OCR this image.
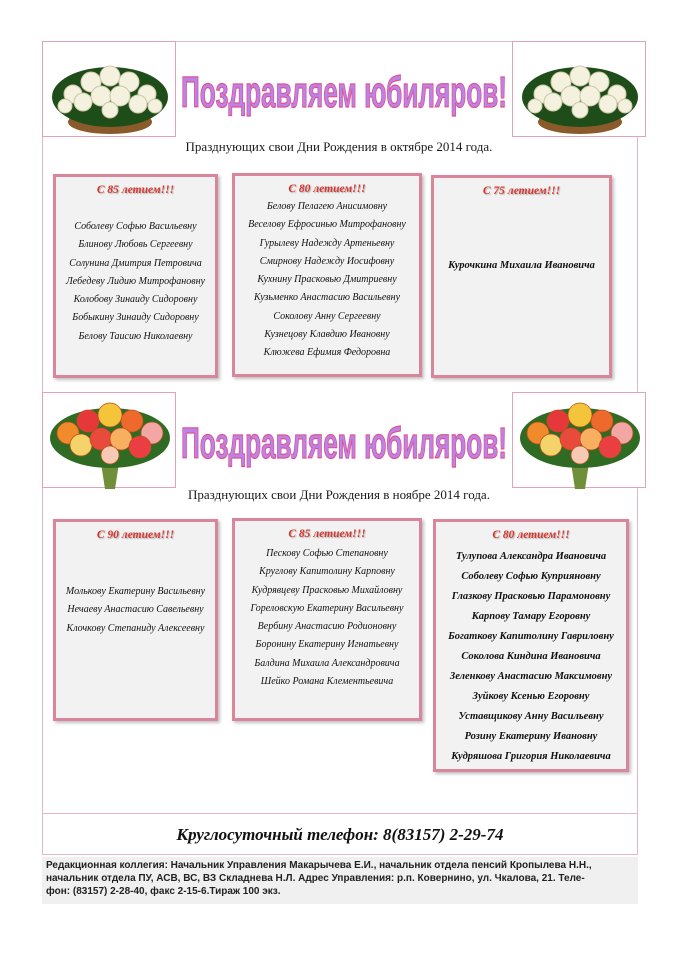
Поздравляем юбиляров!
Празднующих свои Дни Рождения в октябре 2014 года.
С 85 летием!!!
Соболеву Софью Васильевну
Блинову Любовь Сергеевну
Солунина Дмитрия Петровича
Лебедеву Лидию Митрофановну
Колобову Зинаиду Сидоровну
Бобыкину Зинаиду Сидоровну
Белову Таисию Николаевну
С 80 летием!!!
Белову Пелагею Анисимовну
Веселову Ефросинью Митрофановну
Гурылеву Надежду Артеньевну
Смирнову Надежду Иосифовну
Кухнину Прасковью Дмитриевну
Кузьменко Анастасию Васильевну
Соколову Анну Сергеевну
Кузнецову Клавдию Ивановну
Клюжева Ефимия Федоровна
С 75 летием!!!
Курочкина Михаила Ивановича
Поздравляем юбиляров!
Празднующих свои Дни Рождения в ноябре 2014 года.
С 90 летием!!!
Молькову Екатерину Васильевну
Нечаеву Анастасию Савельевну
Клочкову Степаниду Алексеевну
С 85 летием!!!
Пескову Софью Степановну
Круглову Капитолину Карповну
Кудрявцеву Прасковью Михайловну
Гореловскую Екатерину Васильевну
Вербину Анастасию Родионовну
Боронину Екатерину Игнатьевну
Балдина Михаила Александровича
Шейко Романа Клементьевича
С 80 летием!!!
Тулупова Александра Ивановича
Соболеву Софью Куприяновну
Глазкову Прасковью Парамоновну
Карпову Тамару Егоровну
Богаткову Капитолину Гавриловну
Соколова Киндина Ивановича
Зеленкову Анастасию Максимовну
Зуйкову Ксенью Егоровну
Уставщикову Анну Васильевну
Розину Екатерину Ивановну
Кудряшова Григория Николаевича
Круглосуточный телефон: 8(83157) 2-29-74
Редакционная коллегия: Начальник Управления Макарычева Е.И., начальник отдела пенсий Кропылева Н.Н.,
начальник отдела ПУ, АСВ, ВС, ВЗ Складнева Н.Л. Адрес Управления: р.п. Ковернино, ул. Чкалова, 21. Теле-
фон: (83157) 2-28-40, факс 2-15-6.Тираж 100 экз.
